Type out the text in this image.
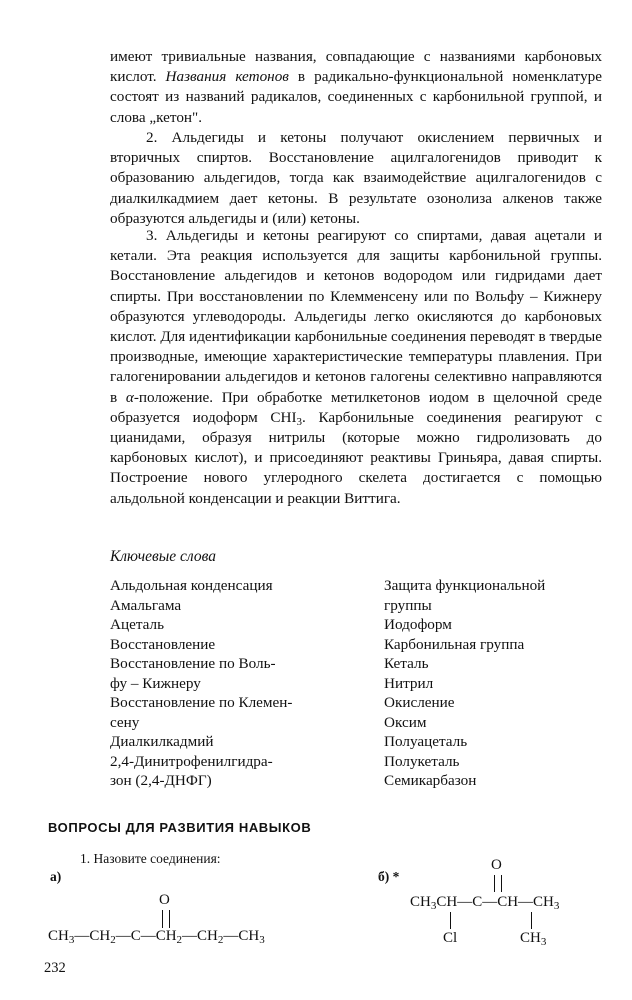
имеют тривиальные названия, совпадающие с названиями карбоновых кислот. Названия кетонов в радикально-функциональной номенклатуре состоят из названий радикалов, соединенных с карбонильной группой, и слова „кетон".

2. Альдегиды и кетоны получают окислением первичных и вторичных спиртов. Восстановление ацилгалогенидов приводит к образованию альдегидов, тогда как взаимодействие ацилгалогенидов с диалкилкадмием дает кетоны. В результате озонолиза алкенов также образуются альдегиды и (или) кетоны.

3. Альдегиды и кетоны реагируют со спиртами, давая ацетали и кетали. Эта реакция используется для защиты карбонильной группы. Восстановление альдегидов и кетонов водородом или гидридами дает спирты. При восстановлении по Клемменсену или по Вольфу – Кижнеру образуются углеводороды. Альдегиды легко окисляются до карбоновых кислот. Для идентификации карбонильные соединения переводят в твердые производные, имеющие характеристические температуры плавления. При галогенировании альдегидов и кетонов галогены селективно направляются в α-положение. При обработке метилкетонов иодом в щелочной среде образуется иодоформ $CHI_3$. Карбонильные соединения реагируют с цианидами, образуя нитрилы (которые можно гидролизовать до карбоновых кислот), и присоединяют реактивы Гриньяра, давая спирты. Построение нового углеродного скелета достигается с помощью альдольной конденсации и реакции Виттига.

Ключевые слова
Альдольная конденсация
Амальгама
Ацеталь
Восстановление
Восстановление по Воль-
фу – Кижнеру
Восстановление по Клемен-
сену
Диалкилкадмий
2,4-Динитрофенилгидра-
зон (2,4-ДНФГ)
Защита функциональной
группы
Иодоформ
Карбонильная группа
Кеталь
Нитрил
Окисление
Оксим
Полуацеталь
Полукеталь
Семикарбазон
ВОПРОСЫ ДЛЯ РАЗВИТИЯ НАВЫКОВ

1. Назовите соединения:

а)	б) *

O
$CH_3—CH_2—C—CH_2—CH_2—CH_3$
O
$CH_3CH—C—CH—CH_3$
Cl	$CH_3$

232
